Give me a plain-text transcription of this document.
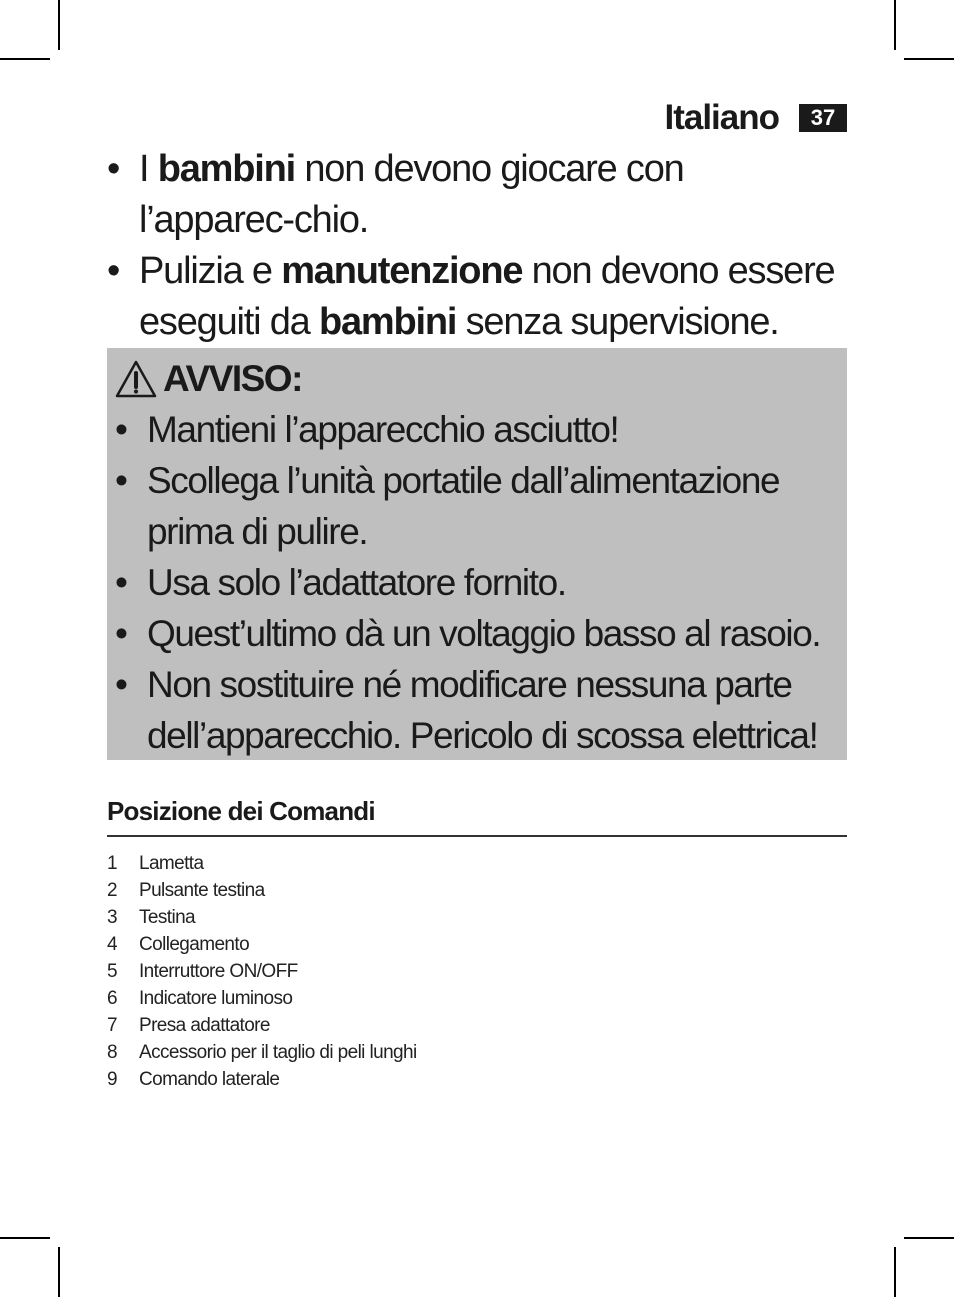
Italiano	37
• I bambini non devono giocare con l’apparec-chio.
• Pulizia e manutenzione non devono essere eseguiti da bambini senza supervisione.
AVVISO:
• Mantieni l’apparecchio asciutto!
• Scollega l’unità portatile dall’alimentazione prima di pulire.
• Usa solo l’adattatore fornito.
• Quest’ultimo dà un voltaggio basso al rasoio.
• Non sostituire né modificare nessuna parte dell’apparecchio. Pericolo di scossa elettrica!
Posizione dei Comandi
1	Lametta
2	Pulsante testina
3	Testina
4	Collegamento
5	Interruttore ON/OFF
6	Indicatore luminoso
7	Presa adattatore
8	Accessorio per il taglio di peli lunghi
9	Comando laterale
